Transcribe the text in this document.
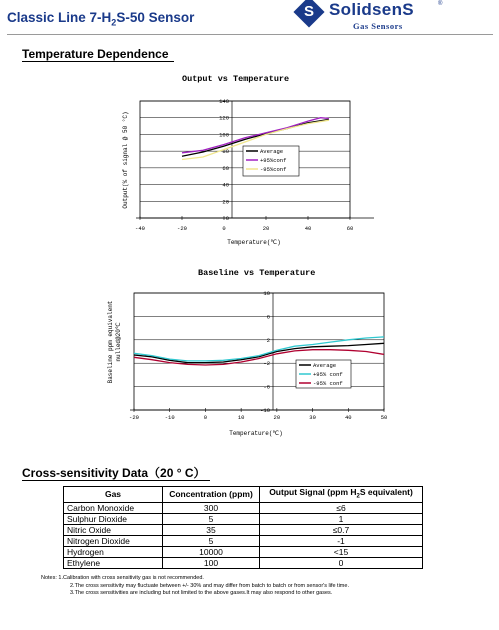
Classic Line $7-H_2S-50$ Sensor	S SolidsenS	®
Gas Sensors
Temperature Dependence
Output vs Temperature
0
20
40
60
80
100
120
140
-40	-20	0	20	40	60
Average
+95%conf
-95%conf
Temperature(℃)
Output(% of signal @ 50 °C)
Baseline vs Temperature
-10
-6
-2
2
6
10
-20	-10	0	10	20	30	40	50
Average
+95% conf
-95% conf
Temperature(℃)
Baseline ppm equivalent nulled@20℃
Cross-sensitivity Data（20 ° C）
Gas	Concentration (ppm)	Output Signal (ppm $H_2S$ equivalent)
Carbon Monoxide	300	≤6
Sulphur Dioxide	5	1
Nitric Oxide	35	≤0.7
Nitrogen Dioxide	5	-1
Hydrogen	10000	<15
Ethylene	100	0
Notes: 1.Calibration with cross sensitivity gas is not recommended.
2.The cross sensitivity may fluctuate between +/- 30% and may differ from batch to batch or from sensor's life time.
3.The cross sensitivities are including but not limited to the above gases.It may also respond to other gases.
